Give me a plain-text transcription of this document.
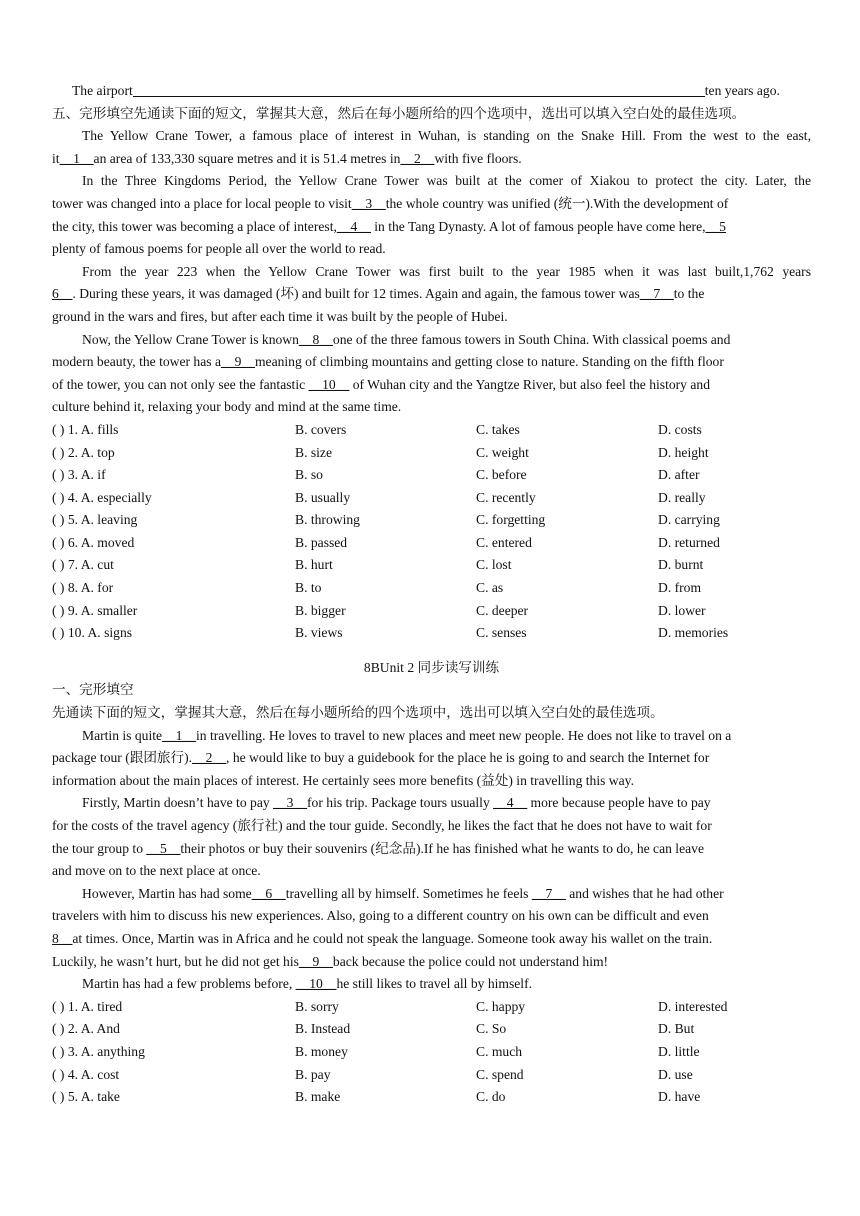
The airport	ten years ago.
五、完形填空先通读下面的短文，掌握其大意，然后在每小题所给的四个选项中，选出可以填入空白处的最佳选项。
The Yellow Crane Tower, a famous place of interest in Wuhan, is standing on the Snake Hill. From the west to the east,
it__1__an area of 133,330 square metres and it is 51.4 metres in__2__with five floors.
In the Three Kingdoms Period, the Yellow Crane Tower was built at the comer of Xiakou to protect the city. Later, the
tower was changed into a place for local people to visit__3__the whole country was unified (统一).With the development of
the city, this tower was becoming a place of interest,__4__ in the Tang Dynasty. A lot of famous people have come here,__5
plenty of famous poems for people all over the world to read.
From the year 223 when the Yellow Crane Tower was first built to the year 1985 when it was last built,1,762 years
6__. During these years, it was damaged (坏) and built for 12 times. Again and again, the famous tower was__7__to the
ground in the wars and fires, but after each time it was built by the people of Hubei.
Now, the Yellow Crane Tower is known__8__one of the three famous towers in South China. With classical poems and
modern beauty, the tower has a__9__meaning of climbing mountains and getting close to nature. Standing on the fifth floor
of the tower, you can not only see the fantastic __10__ of Wuhan city and the Yangtze River, but also feel the history and
culture behind it, relaxing your body and mind at the same time.
( ) 1. A. fills	B. covers	C. takes	D. costs
( ) 2. A. top	B. size	C. weight	D. height
( ) 3. A. if	B. so	C. before	D. after
( ) 4. A. especially	B. usually	C. recently	D. really
( ) 5. A. leaving	B. throwing	C. forgetting	D. carrying
( ) 6. A. moved	B. passed	C. entered	D. returned
( ) 7. A. cut	B. hurt	C. lost	D. burnt
( ) 8. A. for	B. to	C. as	D. from
( ) 9. A. smaller	B. bigger	C. deeper	D. lower
( ) 10. A. signs	B. views	C. senses	D. memories
8BUnit 2 同步读写训练
一、完形填空
先通读下面的短文，掌握其大意，然后在每小题所给的四个选项中，选出可以填入空白处的最佳选项。
Martin is quite__1__in travelling. He loves to travel to new places and meet new people. He does not like to travel on a
package tour (跟团旅行).__2__, he would like to buy a guidebook for the place he is going to and search the Internet for
information about the main places of interest. He certainly sees more benefits (益处) in travelling this way.
Firstly, Martin doesn’t have to pay __3__for his trip. Package tours usually __4__ more because people have to pay
for the costs of the travel agency (旅行社) and the tour guide. Secondly, he likes the fact that he does not have to wait for
the tour group to __5__their photos or buy their souvenirs (纪念品).If he has finished what he wants to do, he can leave
and move on to the next place at once.
However, Martin has had some__6__travelling all by himself. Sometimes he feels __7__ and wishes that he had other
travelers with him to discuss his new experiences. Also, going to a different country on his own can be difficult and even
8__at times. Once, Martin was in Africa and he could not speak the language. Someone took away his wallet on the train.
Luckily, he wasn’t hurt, but he did not get his__9__back because the police could not understand him!
Martin has had a few problems before, __10__he still likes to travel all by himself.
( ) 1. A. tired	B. sorry	C. happy	D. interested
( ) 2. A. And	B. Instead	C. So	D. But
( ) 3. A. anything	B. money	C. much	D. little
( ) 4. A. cost	B. pay	C. spend	D. use
( ) 5. A. take	B. make	C. do	D. have
